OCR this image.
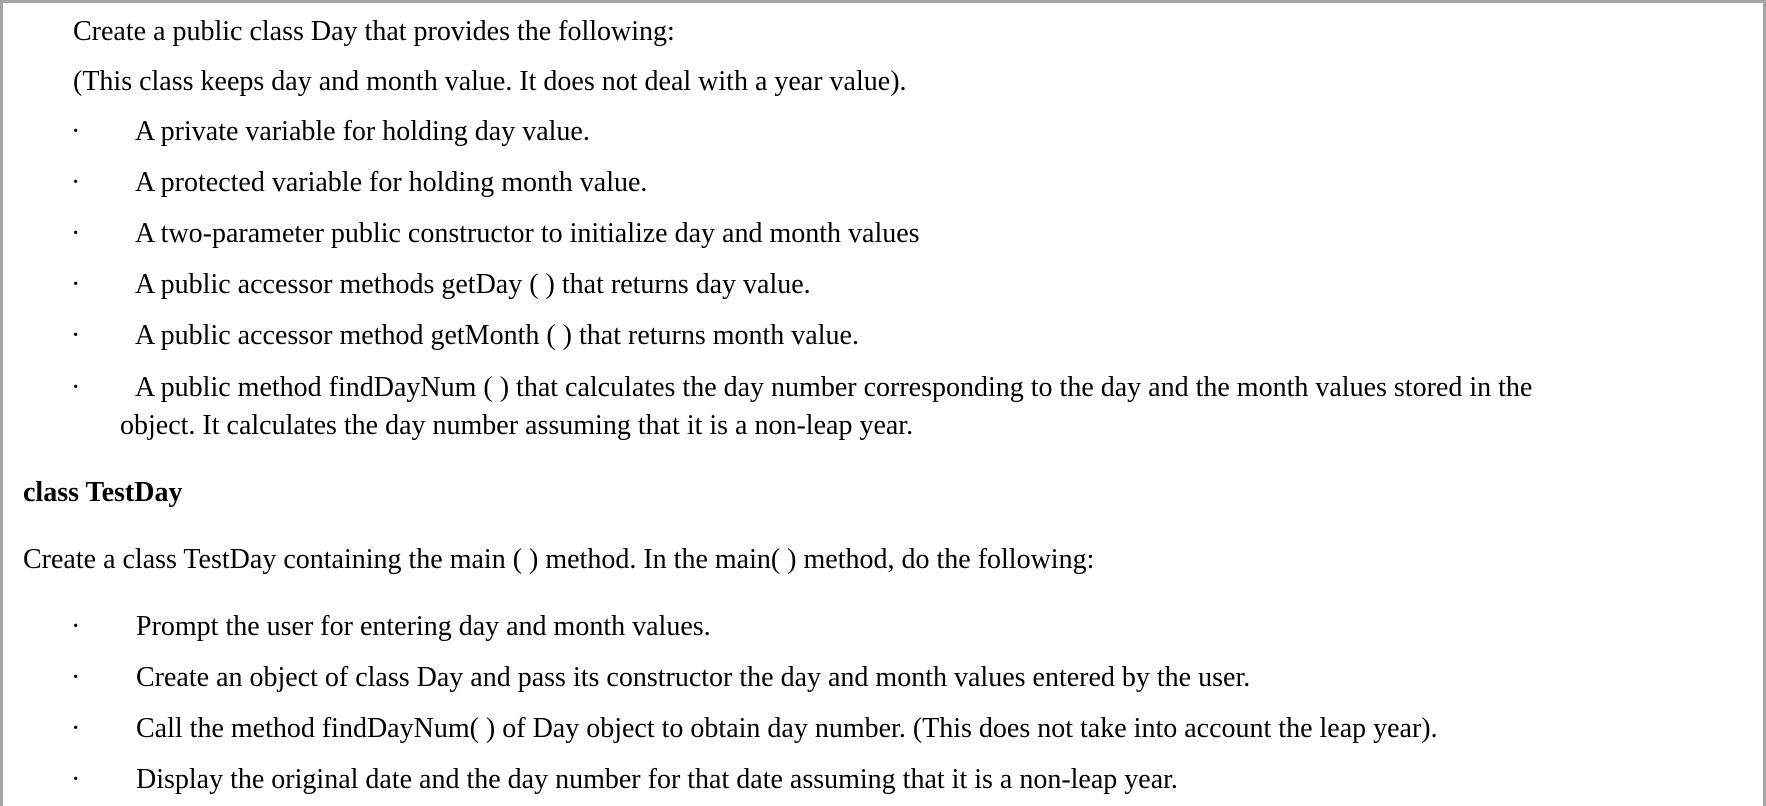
Create a public class Day that provides the following:
(This class keeps day and month value. It does not deal with a year value).
· A private variable for holding day value.
· A protected variable for holding month value.
· A two-parameter public constructor to initialize day and month values
· A public accessor methods getDay ( ) that returns day value.
· A public accessor method getMonth ( ) that returns month value.
· A public method findDayNum ( ) that calculates the day number corresponding to the day and the month values stored in the
object. It calculates the day number assuming that it is a non-leap year.
class TestDay
Create a class TestDay containing the main ( ) method. In the main( ) method, do the following:
· Prompt the user for entering day and month values.
· Create an object of class Day and pass its constructor the day and month values entered by the user.
· Call the method findDayNum( ) of Day object to obtain day number. (This does not take into account the leap year).
· Display the original date and the day number for that date assuming that it is a non-leap year.
